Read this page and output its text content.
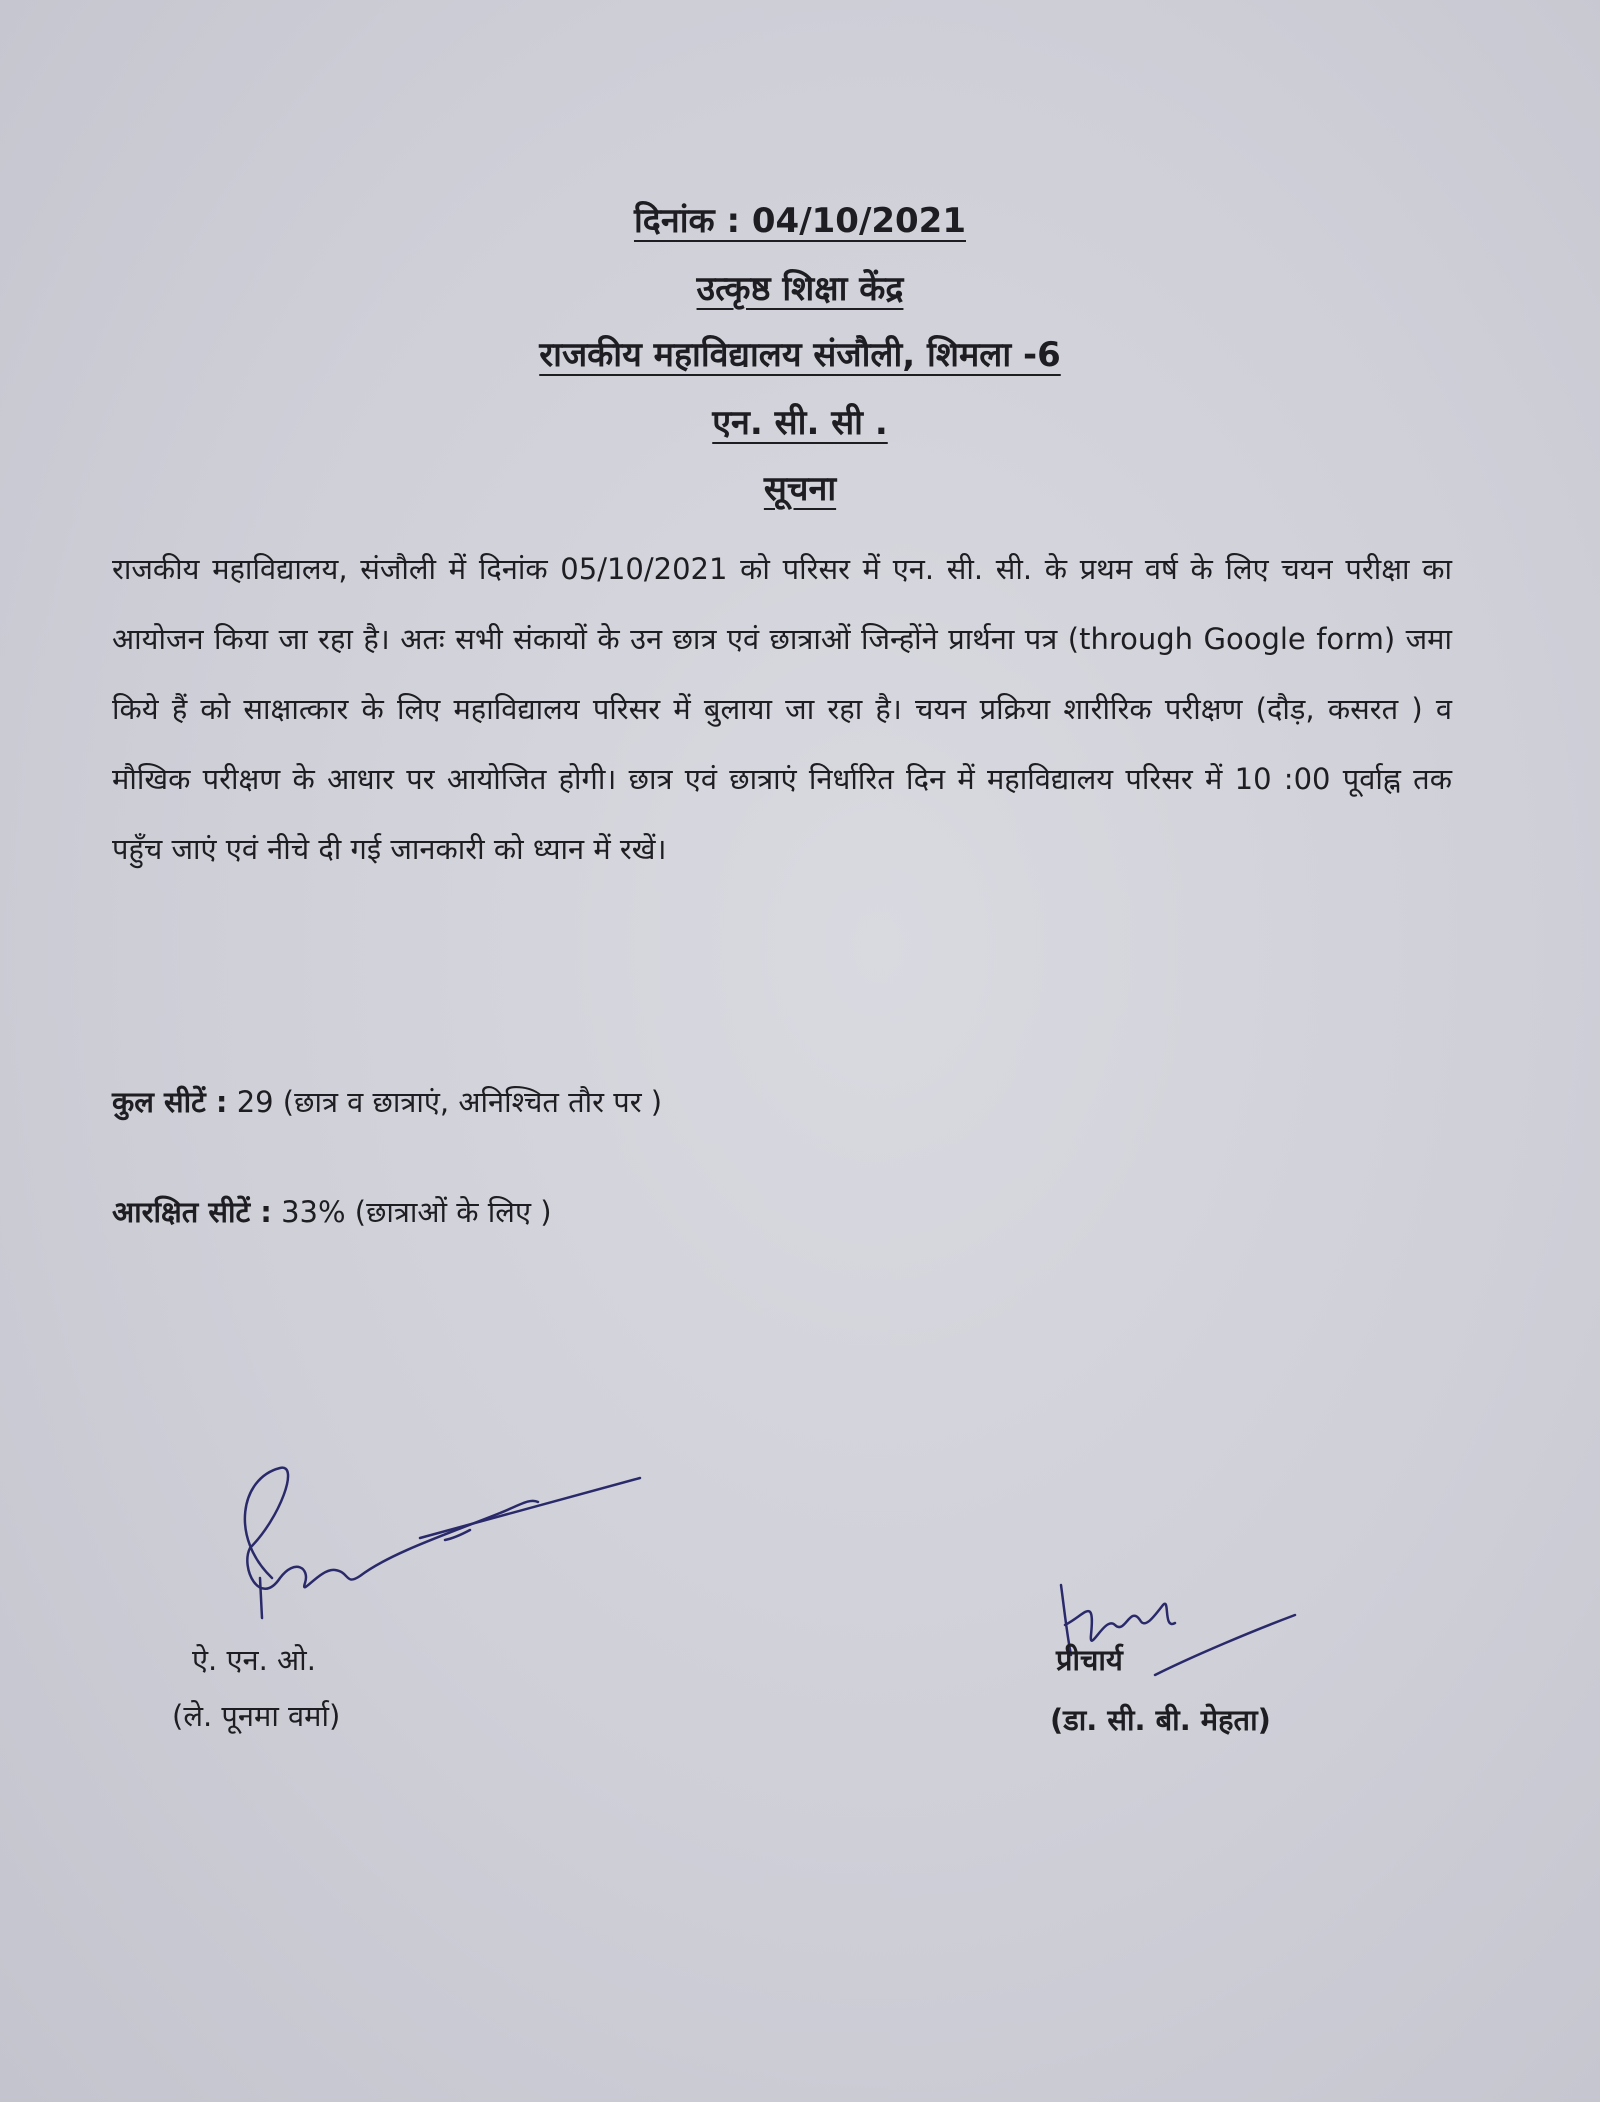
दिनांक : 04/10/2021
उत्कृष्ठ शिक्षा केंद्र
राजकीय महाविद्यालय संजौली, शिमला -6
एन. सी. सी .
सूचना
राजकीय महाविद्यालय, संजौली में दिनांक 05/10/2021 को परिसर में एन. सी. सी. के प्रथम वर्ष के लिए चयन परीक्षा का आयोजन किया जा रहा है। अतः सभी संकायों के उन छात्र एवं छात्राओं जिन्होंने प्रार्थना पत्र (through Google form) जमा किये हैं को साक्षात्कार के लिए महाविद्यालय परिसर में बुलाया जा रहा है। चयन प्रक्रिया शारीरिक परीक्षण (दौड़, कसरत ) व मौखिक परीक्षण के आधार पर आयोजित होगी। छात्र एवं छात्राएं निर्धारित दिन में महाविद्यालय परिसर में 10 :00 पूर्वाह्न तक पहुँच जाएं एवं नीचे दी गई जानकारी को ध्यान में रखें।
कुल सीटें : 29 (छात्र व छात्राएं, अनिश्चित तौर पर )
आरक्षित सीटें : 33% (छात्राओं के लिए )
ऐ. एन. ओ.
(ले. पूनमा वर्मा)
प्रीचार्य
(डा. सी. बी. मेहता)
